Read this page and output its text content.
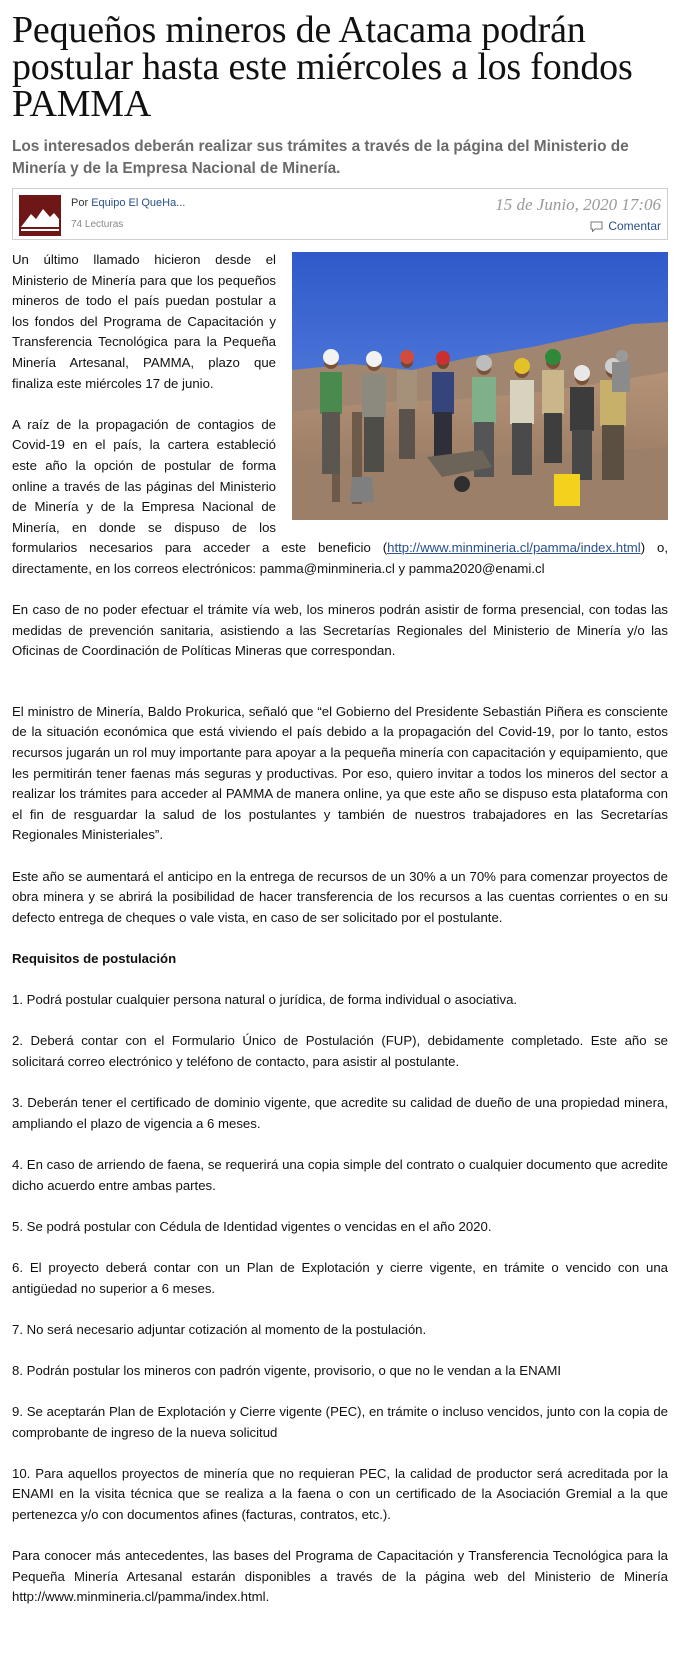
Pequeños mineros de Atacama podrán postular hasta este miércoles a los fondos PAMMA
Los interesados deberán realizar sus trámites a través de la página del Ministerio de Minería y de la Empresa Nacional de Minería.
Por Equipo El QueHa...
74 Lecturas
15 de Junio, 2020 17:06
Comentar

Un último llamado hicieron desde el Ministerio de Minería para que los pequeños mineros de todo el país puedan postular a los fondos del Programa de Capacitación y Transferencia Tecnológica para la Pequeña Minería Artesanal, PAMMA, plazo que finaliza este miércoles 17 de junio.

A raíz de la propagación de contagios de Covid-19 en el país, la cartera estableció este año la opción de postular de forma online a través de las páginas del Ministerio de Minería y de la Empresa Nacional de Minería, en donde se dispuso de los formularios necesarios para acceder a este beneficio (http://www.minmineria.cl/pamma/index.html) o, directamente, en los correos electrónicos: pamma@minmineria.cl y pamma2020@enami.cl

En caso de no poder efectuar el trámite vía web, los mineros podrán asistir de forma presencial, con todas las medidas de prevención sanitaria, asistiendo a las Secretarías Regionales del Ministerio de Minería y/o las Oficinas de Coordinación de Políticas Mineras que correspondan.

El ministro de Minería, Baldo Prokurica, señaló que “el Gobierno del Presidente Sebastián Piñera es consciente de la situación económica que está viviendo el país debido a la propagación del Covid-19, por lo tanto, estos recursos jugarán un rol muy importante para apoyar a la pequeña minería con capacitación y equipamiento, que les permitirán tener faenas más seguras y productivas. Por eso, quiero invitar a todos los mineros del sector a realizar los trámites para acceder al PAMMA de manera online, ya que este año se dispuso esta plataforma con el fin de resguardar la salud de los postulantes y también de nuestros trabajadores en las Secretarías Regionales Ministeriales”.

Este año se aumentará el anticipo en la entrega de recursos de un 30% a un 70% para comenzar proyectos de obra minera y se abrirá la posibilidad de hacer transferencia de los recursos a las cuentas corrientes o en su defecto entrega de cheques o vale vista, en caso de ser solicitado por el postulante.

Requisitos de postulación

1. Podrá postular cualquier persona natural o jurídica, de forma individual o asociativa.

2. Deberá contar con el Formulario Único de Postulación (FUP), debidamente completado. Este año se solicitará correo electrónico y teléfono de contacto, para asistir al postulante.

3. Deberán tener el certificado de dominio vigente, que acredite su calidad de dueño de una propiedad minera, ampliando el plazo de vigencia a 6 meses.

4. En caso de arriendo de faena, se requerirá una copia simple del contrato o cualquier documento que acredite dicho acuerdo entre ambas partes.

5. Se podrá postular con Cédula de Identidad vigentes o vencidas en el año 2020.

6. El proyecto deberá contar con un Plan de Explotación y cierre vigente, en trámite o vencido con una antigüedad no superior a 6 meses.

7. No será necesario adjuntar cotización al momento de la postulación.

8. Podrán postular los mineros con padrón vigente, provisorio, o que no le vendan a la ENAMI

9. Se aceptarán Plan de Explotación y Cierre vigente (PEC), en trámite o incluso vencidos, junto con la copia de comprobante de ingreso de la nueva solicitud

10. Para aquellos proyectos de minería que no requieran PEC, la calidad de productor será acreditada por la ENAMI en la visita técnica que se realiza a la faena o con un certificado de la Asociación Gremial a la que pertenezca y/o con documentos afines (facturas, contratos, etc.).

Para conocer más antecedentes, las bases del Programa de Capacitación y Transferencia Tecnológica para la Pequeña Minería Artesanal estarán disponibles a través de la página web del Ministerio de Minería http://www.minmineria.cl/pamma/index.html.
